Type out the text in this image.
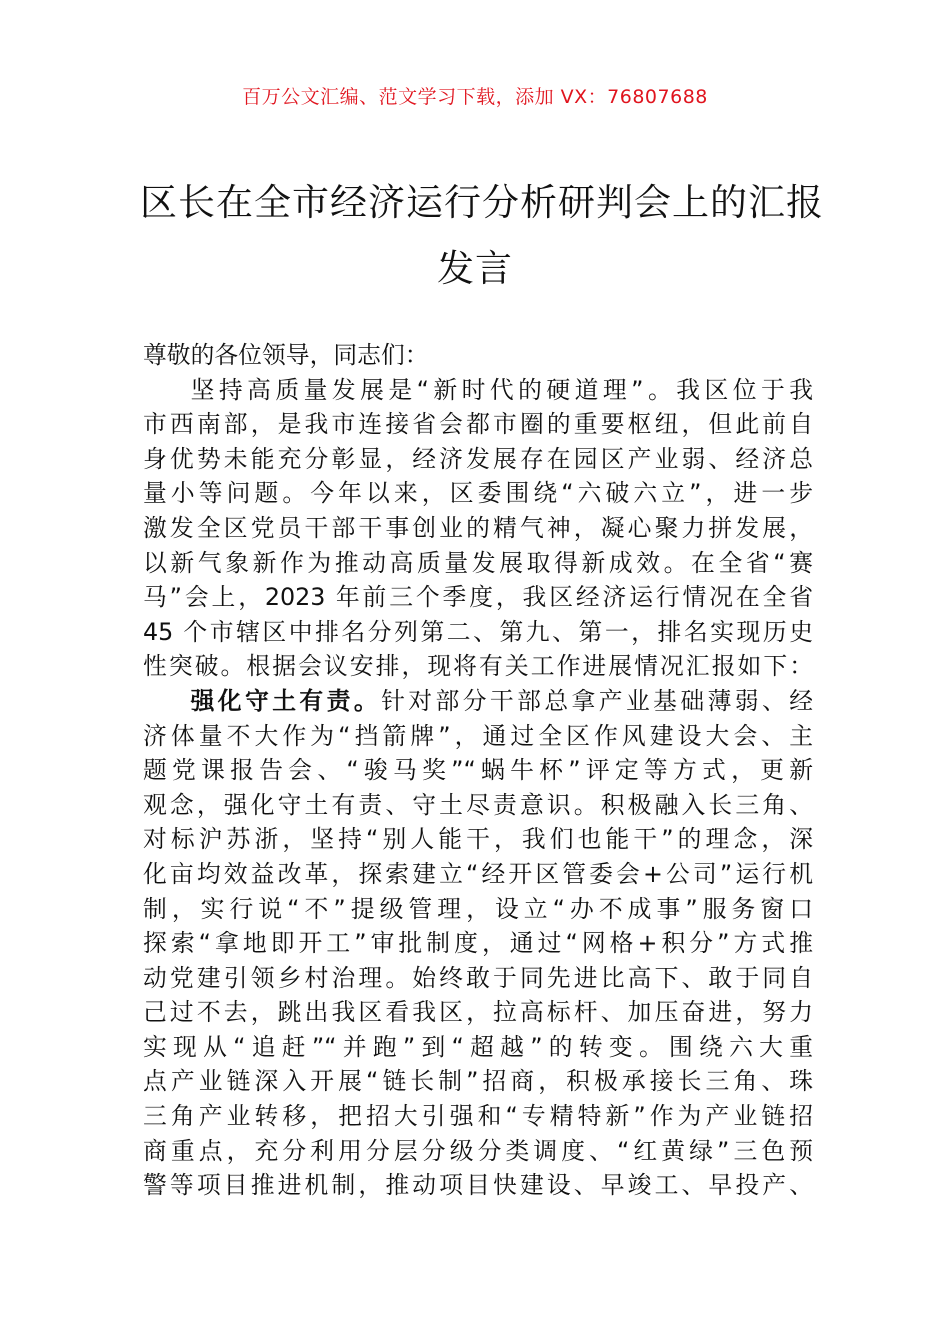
百万公文汇编、范文学习下载，添加 VX：76807688
区长在全市经济运行分析研判会上的汇报
发言
尊敬的各位领导，同志们：
坚持高质量发展是“新时代的硬道理”。我区位于我
市西南部，是我市连接省会都市圈的重要枢纽，但此前自
身优势未能充分彰显，经济发展存在园区产业弱、经济总
量小等问题。今年以来，区委围绕“六破六立”，进一步
激发全区党员干部干事创业的精气神，凝心聚力拼发展，
以新气象新作为推动高质量发展取得新成效。在全省“赛
马”会上，2023 年前三个季度，我区经济运行情况在全省
45 个市辖区中排名分列第二、第九、第一，排名实现历史
性突破。根据会议安排，现将有关工作进展情况汇报如下：
强化守土有责。针对部分干部总拿产业基础薄弱、经
济体量不大作为“挡箭牌”，通过全区作风建设大会、主
题党课报告会、“骏马奖”“蜗牛杯”评定等方式，更新
观念，强化守土有责、守土尽责意识。积极融入长三角、
对标沪苏浙，坚持“别人能干，我们也能干”的理念，深
化亩均效益改革，探索建立“经开区管委会+公司”运行机
制，实行说“不”提级管理，设立“办不成事”服务窗口
探索“拿地即开工”审批制度，通过“网格+积分”方式推
动党建引领乡村治理。始终敢于同先进比高下、敢于同自
己过不去，跳出我区看我区，拉高标杆、加压奋进，努力
实现从“追赶”“并跑”到“超越”的转变。围绕六大重
点产业链深入开展“链长制”招商，积极承接长三角、珠
三角产业转移，把招大引强和“专精特新”作为产业链招
商重点，充分利用分层分级分类调度、“红黄绿”三色预
警等项目推进机制，推动项目快建设、早竣工、早投产、
